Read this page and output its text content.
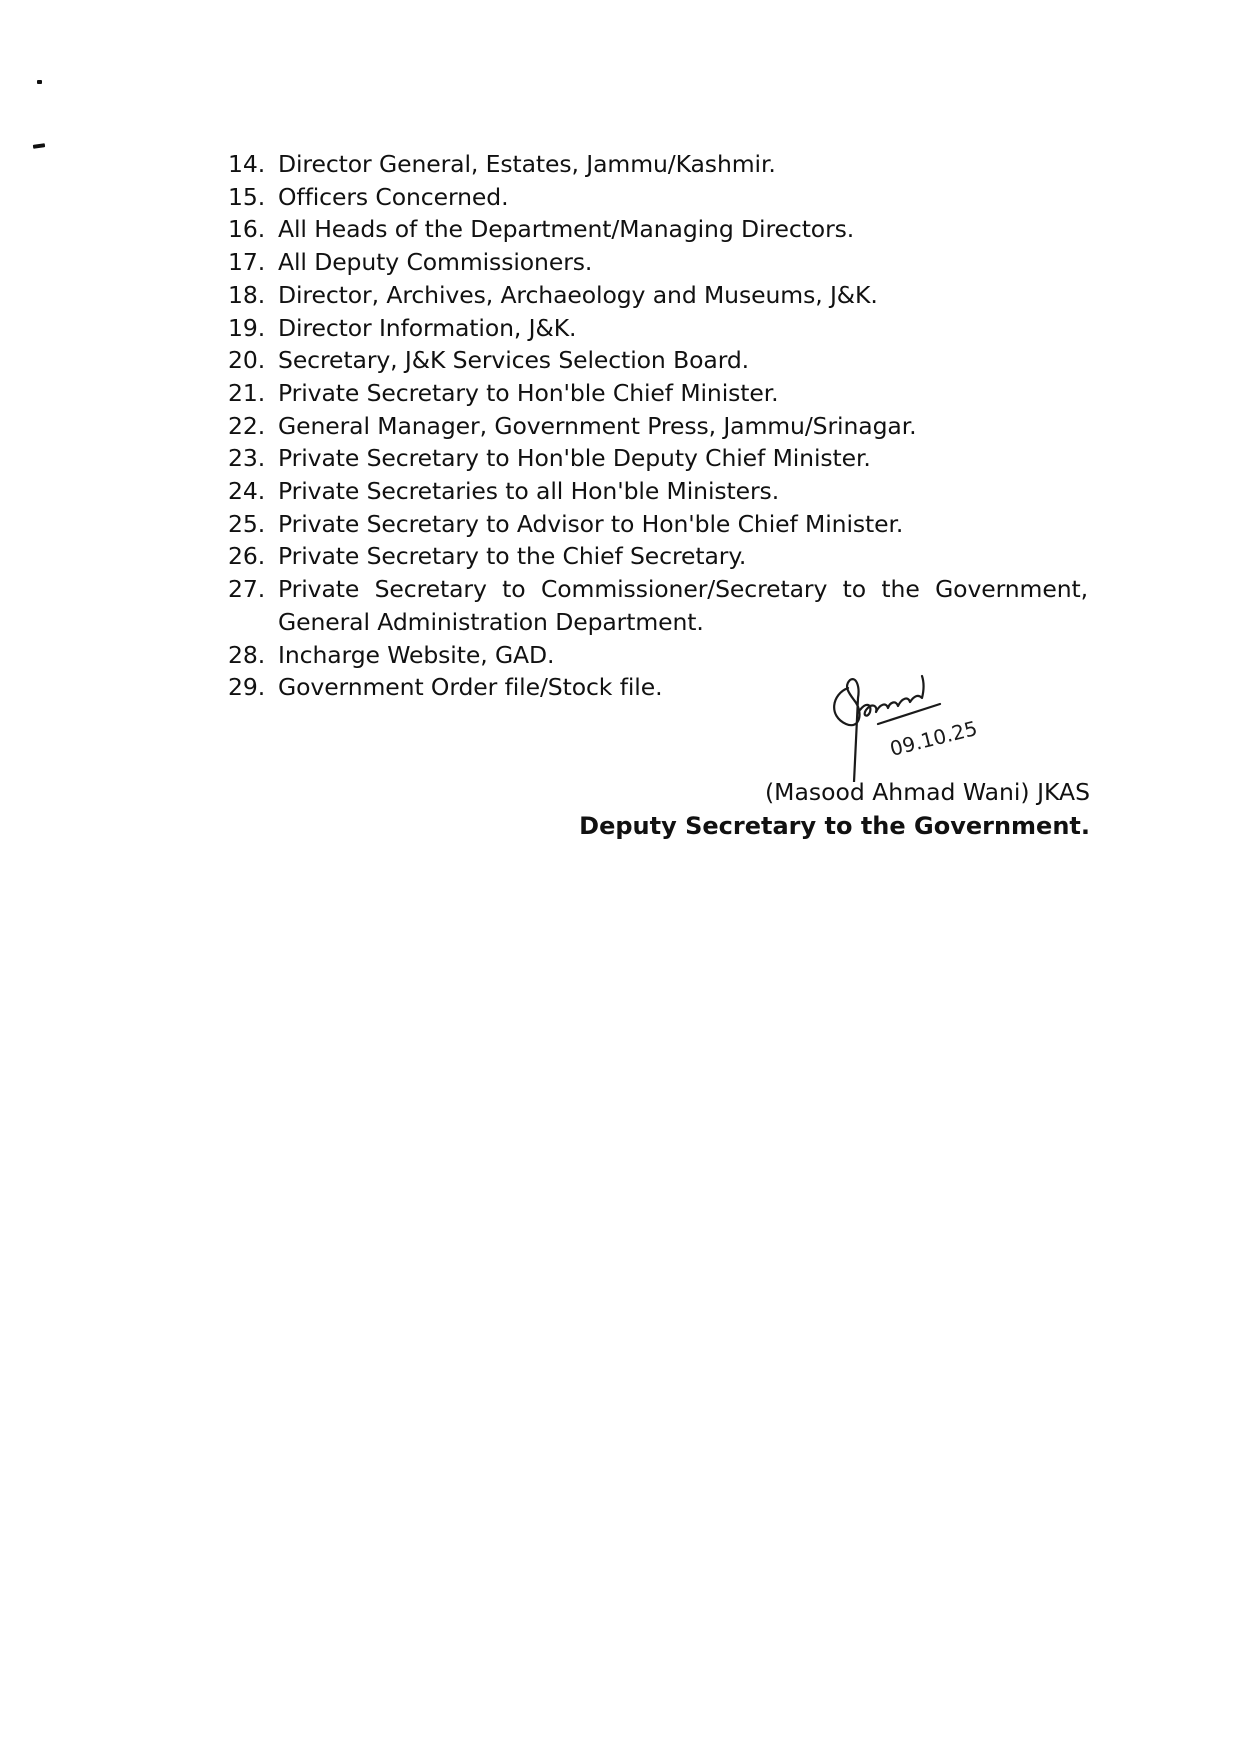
14. Director General, Estates, Jammu/Kashmir.
15. Officers Concerned.
16. All Heads of the Department/Managing Directors.
17. All Deputy Commissioners.
18. Director, Archives, Archaeology and Museums, J&K.
19. Director Information, J&K.
20. Secretary, J&K Services Selection Board.
21. Private Secretary to Hon'ble Chief Minister.
22. General Manager, Government Press, Jammu/Srinagar.
23. Private Secretary to Hon'ble Deputy Chief Minister.
24. Private Secretaries to all Hon'ble Ministers.
25. Private Secretary to Advisor to Hon'ble Chief Minister.
26. Private Secretary to the Chief Secretary.
27. Private Secretary to Commissioner/Secretary to the Government, General Administration Department.
28. Incharge Website, GAD.
29. Government Order file/Stock file.
09.10.25
(Masood Ahmad Wani) JKAS
Deputy Secretary to the Government.
